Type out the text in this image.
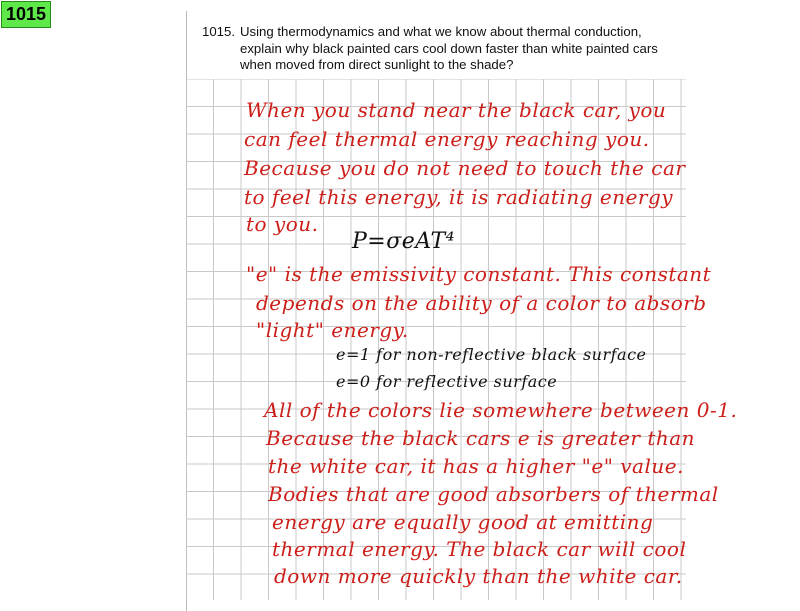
1015
1015. Using thermodynamics and what we know about thermal conduction, explain why black painted cars cool down faster than white painted cars when moved from direct sunlight to the shade?
When you stand near the black car, you
can feel thermal energy reaching you.
Because you do not need to touch the car
to feel this energy, it is radiating energy
to you.
P=σeAT⁴
"e" is the emissivity constant. This constant
depends on the ability of a color to absorb
"light" energy.
e=1 for non-reflective black surface
e=0 for reflective surface
All of the colors lie somewhere between 0-1.
Because the black cars e is greater than
the white car, it has a higher "e" value.
Bodies that are good absorbers of thermal
energy are equally good at emitting
thermal energy. The black car will cool
down more quickly than the white car.
